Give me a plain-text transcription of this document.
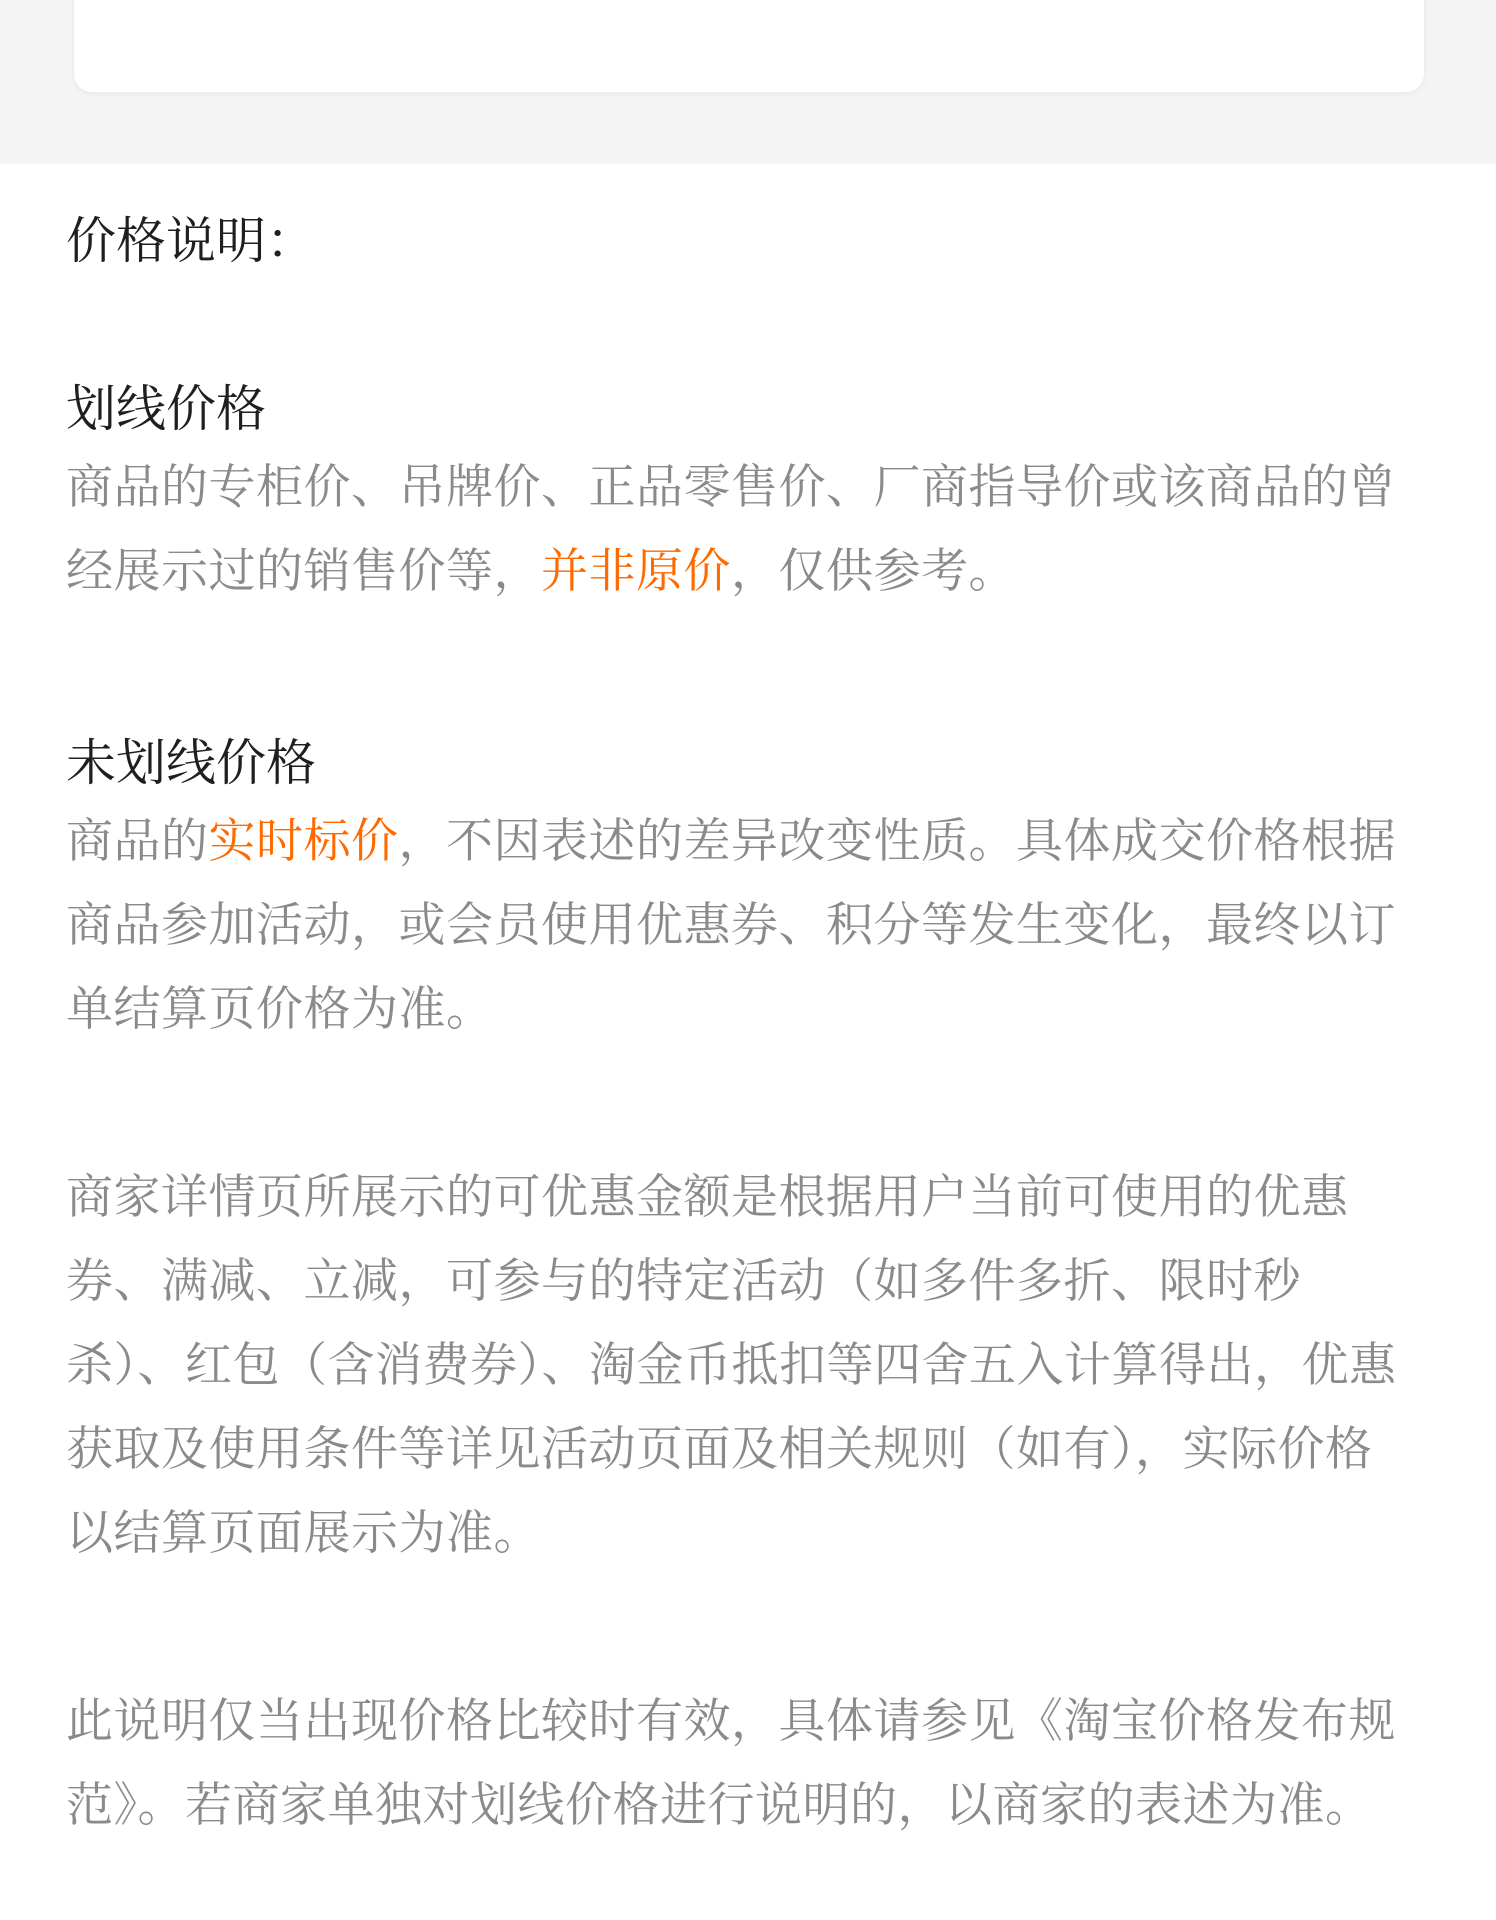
价格说明：
划线价格

商品的专柜价、吊牌价、正品零售价、厂商指导价或该商品的曾经展示过的销售价等，并非原价，仅供参考。

未划线价格

商品的实时标价，不因表述的差异改变性质。具体成交价格根据商品参加活动，或会员使用优惠券、积分等发生变化，最终以订单结算页价格为准。

商家详情页所展示的可优惠金额是根据用户当前可使用的优惠券、满减、立减，可参与的特定活动（如多件多折、限时秒杀）、红包（含消费券）、淘金币抵扣等四舍五入计算得出，优惠获取及使用条件等详见活动页面及相关规则（如有），实际价格以结算页面展示为准。

此说明仅当出现价格比较时有效，具体请参见《淘宝价格发布规范》。若商家单独对划线价格进行说明的，以商家的表述为准。
